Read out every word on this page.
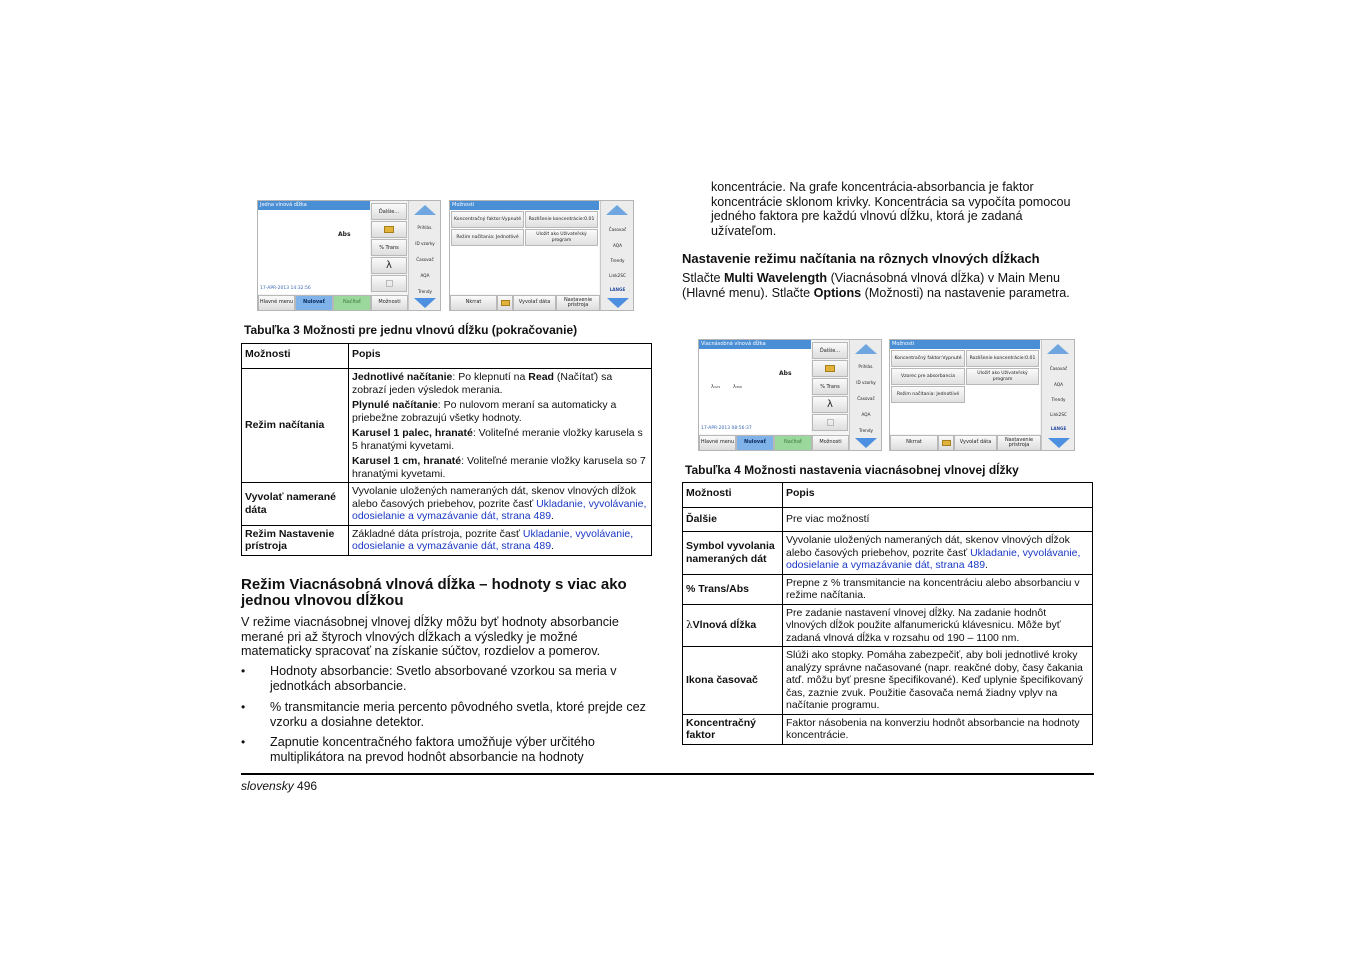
Jedna vlnová dĺžka
Abs
17-APR-2013 14:32:56
Ďalšie...
% Trans
λ
Prihlás.
ID vzorky
Časovač
AQA
Trendy
Hlavné menu	Nulovať	Načítať	Možnosti
Možnosti
Koncentračný faktor:Vypnuté	Rozlíšenie koncentrácie:0.01
Režim načítania: Jednotlivé
Uložiť ako Užívateľský program
Časovač
AQA
Trendy
Link2SC
LANGE
Nkrrat	Vyvolať dáta	Nastavenie prístroja
Tabuľka 3 Možnosti pre jednu vlnovú dĺžku (pokračovanie)
Možnosti	Popis
Režim načítania	Jednotlivé načítanie: Po klepnutí na Read (Načítať) sa zobrazí jeden výsledok merania.
Plynulé načítanie: Po nulovom meraní sa automaticky a priebežne zobrazujú všetky hodnoty.
Karusel 1 palec, hranaté: Voliteľné meranie vložky karusela s 5 hranatými kyvetami.
Karusel 1 cm, hranaté: Voliteľné meranie vložky karusela so 7 hranatými kyvetami.

Vyvolať namerané dáta	Vyvolanie uložených nameraných dát, skenov vlnových dĺžok alebo časových priebehov, pozrite časť Ukladanie, vyvolávanie, odosielanie a vymazávanie dát, strana 489.
Režim Nastavenie prístroja	Základné dáta prístroja, pozrite časť Ukladanie, vyvolávanie, odosielanie a vymazávanie dát, strana 489.
Režim Viacnásobná vlnová dĺžka – hodnoty s viac ako jednou vlnovou dĺžkou
V režime viacnásobnej vlnovej dĺžky môžu byť hodnoty absorbancie merané pri až štyroch vlnových dĺžkach a výsledky je možné matematicky spracovať na získanie súčtov, rozdielov a pomerov.
• Hodnoty absorbancie: Svetlo absorbované vzorkou sa meria v jednotkách absorbancie.
• % transmitancie meria percento pôvodného svetla, ktoré prejde cez vzorku a dosiahne detektor.
• Zapnutie koncentračného faktora umožňuje výber určitého multiplikátora na prevod hodnôt absorbancie na hodnoty
koncentrácie. Na grafe koncentrácia-absorbancia je faktor koncentrácie sklonom krivky. Koncentrácia sa vypočíta pomocou jedného faktora pre každú vlnovú dĺžku, ktorá je zadaná užívateľom.
Nastavenie režimu načítania na rôznych vlnových dĺžkach
Stlačte Multi Wavelength (Viacnásobná vlnová dĺžka) v Main Menu (Hlavné menu). Stlačte Options (Možnosti) na nastavenie parametra.
Viacnásobná vlnová dĺžka
Abs
λ₁₂₃	λ₄₅₆
17-APR-2013 08:56:37
Ďalšie...
% Trans
λ
Prihlás.
ID vzorky
Časovač
AQA
Trendy
Hlavné menu	Nulovať	Načítať	Možnosti
Možnosti
Koncentračný faktor:Vypnuté	Rozlíšenie koncentrácie:0.01
Vzorec pre absorbancia
Uložiť ako Užívateľský program
Režim načítania: Jednotlivé
Časovač
AQA
Trendy
Link2SC
LANGE
Nkrrat	Vyvolať dáta	Nastavenie prístroja
Tabuľka 4 Možnosti nastavenia viacnásobnej vlnovej dĺžky
Možnosti	Popis
Ďalšie	Pre viac možností
Symbol vyvolania nameraných dát	Vyvolanie uložených nameraných dát, skenov vlnových dĺžok alebo časových priebehov, pozrite časť Ukladanie, vyvolávanie, odosielanie a vymazávanie dát, strana 489.
% Trans/Abs	Prepne z % transmitancie na koncentráciu alebo absorbanciu v režime načítania.
λVlnová dĺžka	Pre zadanie nastavení vlnovej dĺžky. Na zadanie hodnôt vlnových dĺžok použite alfanumerickú klávesnicu. Môže byť zadaná vlnová dĺžka v rozsahu od 190 – 1100 nm.
Ikona časovač	Slúži ako stopky. Pomáha zabezpečiť, aby boli jednotlivé kroky analýzy správne načasované (napr. reakčné doby, časy čakania atď. môžu byť presne špecifikované). Keď uplynie špecifikovaný čas, zaznie zvuk. Použitie časovača nemá žiadny vplyv na načítanie programu.
Koncentračný faktor	Faktor násobenia na konverziu hodnôt absorbancie na hodnoty koncentrácie.
slovensky 496
